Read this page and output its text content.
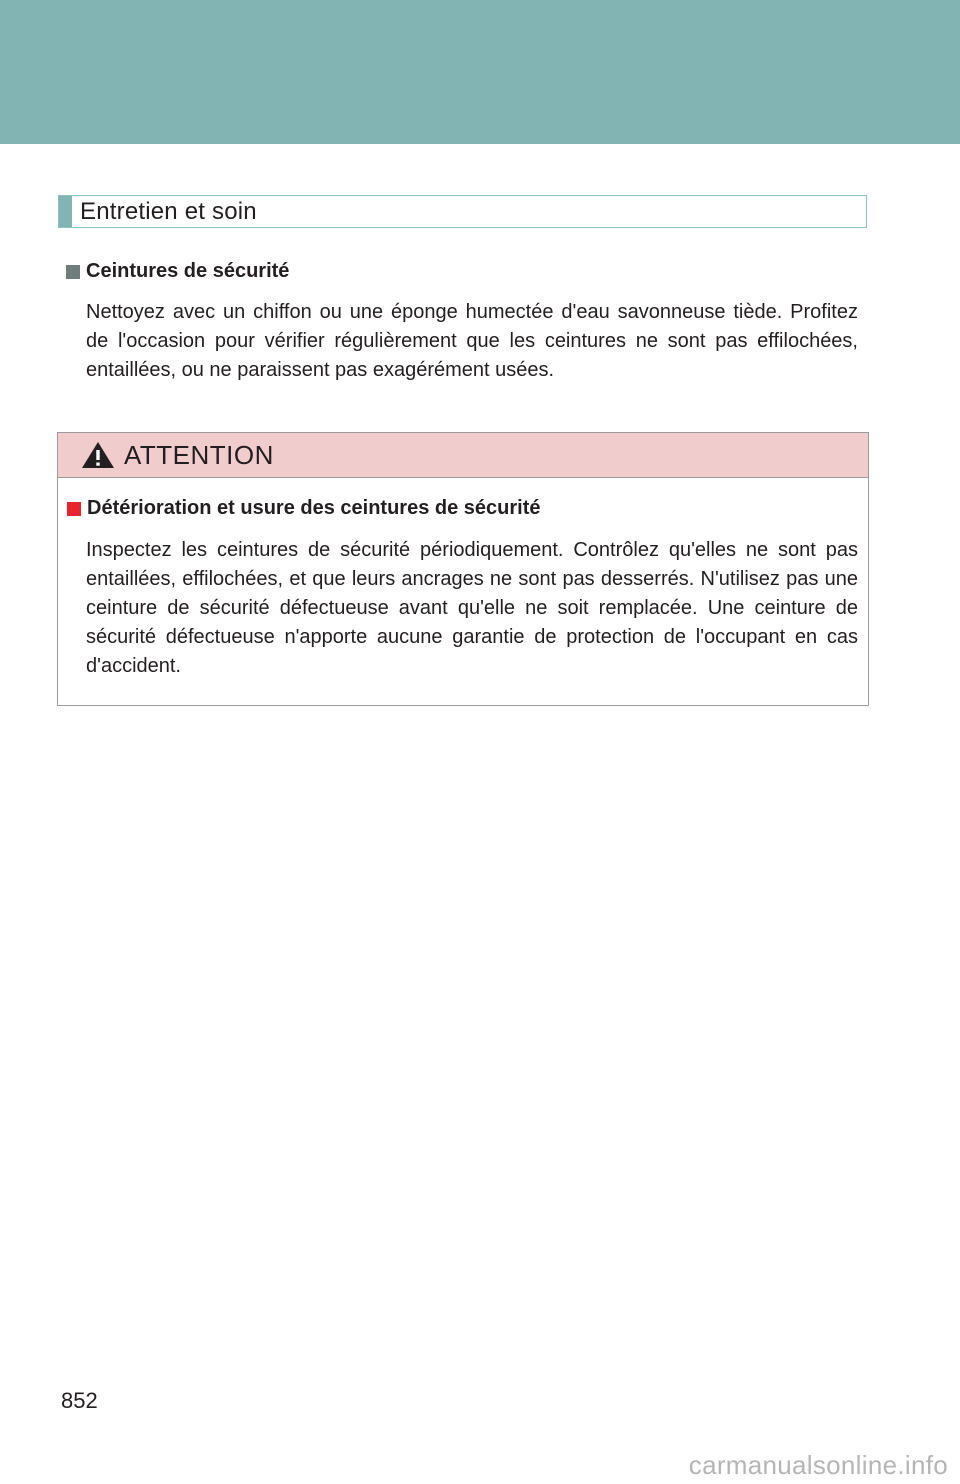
Entretien et soin
Ceintures de sécurité
Nettoyez avec un chiffon ou une éponge humectée d'eau savonneuse tiède. Profitez de l'occasion pour vérifier régulièrement que les ceintures ne sont pas effilochées, entaillées, ou ne paraissent pas exagérément usées.
ATTENTION
Détérioration et usure des ceintures de sécurité
Inspectez les ceintures de sécurité périodiquement. Contrôlez qu'elles ne sont pas entaillées, effilochées, et que leurs ancrages ne sont pas desserrés. N'utilisez pas une ceinture de sécurité défectueuse avant qu'elle ne soit remplacée. Une ceinture de sécurité défectueuse n'apporte aucune garantie de protection de l'occupant en cas d'accident.
852
carmanualsonline.info
